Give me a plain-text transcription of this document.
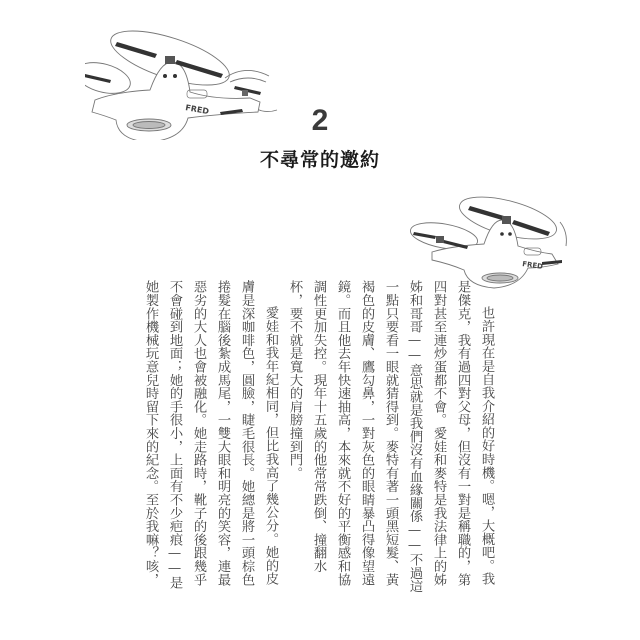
FRED
FRED
2
不尋常的邀約
也許現在是自我介紹的好時機。嗯，大概吧。我
是傑克，我有過四對父母，但沒有一對是稱職的，第
四對甚至連炒蛋都不會。愛娃和麥特是我法律上的姊
姊和哥哥——意思就是我們沒有血緣關係——不過這
一點只要看一眼就猜得到。麥特有著一頭黑短髮、黃
褐色的皮膚、鷹勾鼻，一對灰色的眼睛暴凸得像望遠
鏡。而且他去年快速抽高，本來就不好的平衡感和協
調性更加失控。現年十五歲的他常常跌倒、撞翻水
杯，要不就是寬大的肩膀撞到門。
愛娃和我年紀相同，但比我高了幾公分。她的皮
膚是深咖啡色，圓臉，睫毛很長。她總是將一頭棕色
捲髮在腦後紮成馬尾，一雙大眼和明亮的笑容，連最
惡劣的大人也會被融化。她走路時，靴子的後跟幾乎
不會碰到地面；她的手很小，上面有不少疤痕——是
她製作機械玩意兒時留下來的紀念。至於我嘛？咳，
